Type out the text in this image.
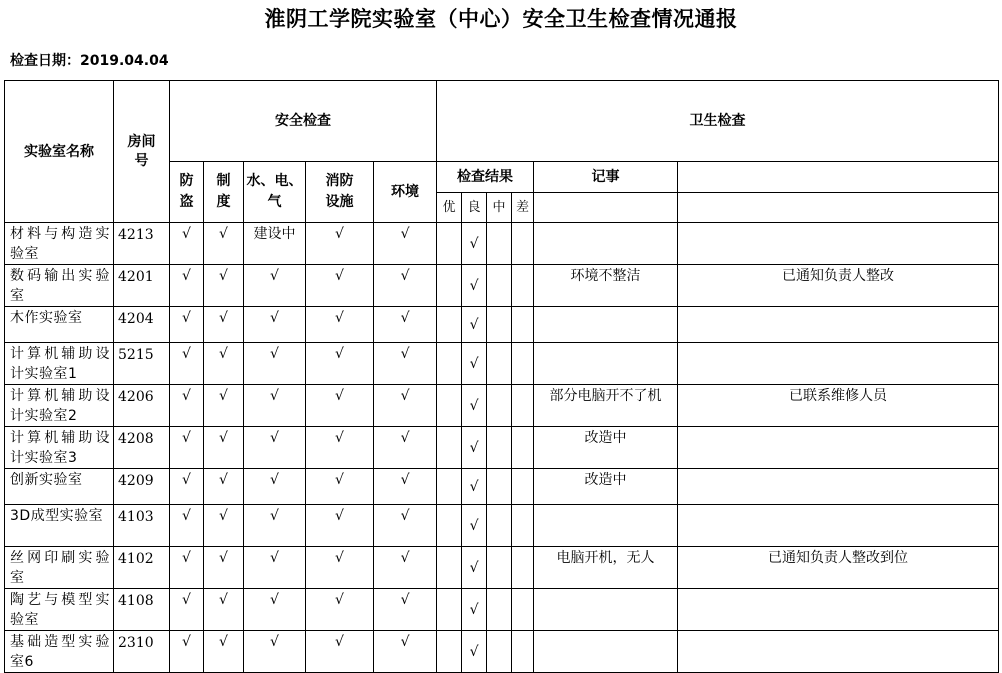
淮阴工学院实验室（中心）安全卫生检查情况通报
检查日期：2019.04.04
实验室名称	房间号	安全检查					卫生检查	
		防盗	制度	水、电、气	消防设施	环境	检查结果				记事		
							优	良	中	差			
材料与构造实验室	4213	√	√	建设中	√	√		√					
数码输出实验室	4201	√	√	√	√	√		√			环境不整洁	已通知负责人整改	
木作实验室	4204	√	√	√	√	√		√					
计算机辅助设计实验室1	5215	√	√	√	√	√		√					
计算机辅助设计实验室2	4206	√	√	√	√	√		√			部分电脑开不了机	已联系维修人员	
计算机辅助设计实验室3	4208	√	√	√	√	√		√			改造中		
创新实验室	4209	√	√	√	√	√		√			改造中		
3D成型实验室	4103	√	√	√	√	√		√					
丝网印刷实验室	4102	√	√	√	√	√		√			电脑开机，无人	已通知负责人整改到位	
陶艺与模型实验室	4108	√	√	√	√	√		√					
基础造型实验室6	2310	√	√	√	√	√		√					
